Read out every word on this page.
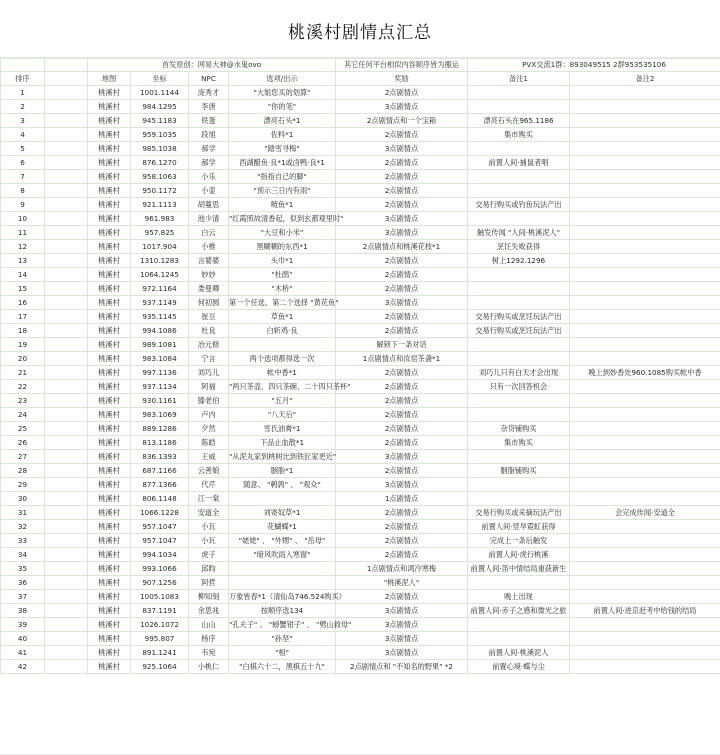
桃溪村剧情点汇总
		首发原创：网易大神@水鬼ovo				其它任何平台相似内容顺序皆为搬运	PVX交流1群：893049515 2群953535106	
排序		地图	坐标	NPC	选项/出示	奖励	备注1	备注2
1		桃溪村	1001.1144	庞秀才	"大姐您买的划算"	2点剧情点		
2		桃溪村	984.1295	李唐	"你的笔"	3点剧情点		
3		桃溪村	945.1183	铁蛋	漂亮石头*1	2点剧情点和一个宝箱	漂亮石头在965.1186	
4		桃溪村	959.1035	段旭	佐料*1	2点剧情点	集市购买	
5		桃溪村	985.1038	郝学	"踏雪寻梅"	3点剧情点		
6		桃溪村	876.1270	郝学	西湖醋鱼·良*1或卤鸭·良*1	2点剧情点	前置人间·捕鼠者唱	
7		桃溪村	958.1063	小乐	"指指自己的脚"	2点剧情点		
8		桃溪村	950.1172	小壶	"预示三日内有雨"	2点剧情点		
9		桃溪村	921.1113	胡蔓思	鲢鱼*1	2点剧情点	交易行购买或钓鱼玩法产出	
10		桃溪村	961.983	池少清	"红霞照故清香起，似到玄都观里时"	3点剧情点		
11		桃溪村	957.825	白云	"大豆和小米"	3点剧情点	触发传闻 "人间·桃溪泥人"	
12		桃溪村	1017.904	小椎	黑糊糊的东西*1	2点剧情点和桃溪花枝*1	烹饪失败获得	
13		桃溪村	1310.1283	言婆婆	头巾*1	2点剧情点	树上1292.1296	
14		桃溪村	1064.1245	妙妙	"杜鹃"	2点剧情点		
15		桃溪村	972.1164	娄曼卿	"木桥"	2点剧情点		
16		桃溪村	937.1149	何初圆	第一个任选，第二个选择 "黄花鱼"	3点剧情点		
17		桃溪村	935.1145	崔豆	草鱼*1	2点剧情点	交易行购买或烹饪玩法产出	
18		桃溪村	994.1086	杜良	白斩鸡·良	2点剧情点	交易行购买或烹饪玩法产出	
19		桃溪村	989.1081	冶元修		解锁下一条对话		
20		桃溪村	983.1084	宁言	两个选项都得选一次	1点剧情点和汝窑茶盏*1		
21		桃溪村	997.1136	刘巧儿	帐中香*1	2点剧情点	刘巧儿只有白天才会出现	晚上到妙香处960.1085购买帐中香
22		桃溪村	937.1134	阿福	"两只茶壶、四只茶碗、二十四只茶杯"	2点剧情点	只有一次回答机会	
23		桃溪村	930.1161	滕老伯	"五月"	2点剧情点		
24		桃溪村	983.1069	卢内	"八天后"	2点剧情点		
25		桃溪村	889.1286	夕然	雪氏油膏*1	2点剧情点	杂货铺购买	
26		桃溪村	813.1186	陈皓	下品止血散*1	2点剧情点	集市购买	
27		桃溪村	836.1393	王威	"从泥丸家到桃树比到铁匠家更近"	3点剧情点		
28		桃溪村	687.1166	云善娘	胭脂*1	2点剧情点	胭脂铺购买	
29		桃溪村	877.1366	代芹	随意、 "鹌鹑" 、 "观众"	3点剧情点		
30		桃溪村	806.1148	江一棠		1点剧情点		
31		桃溪村	1066.1228	安道全	刘寄奴草*1	2点剧情点	交易行购买或采摘玩法产出	会完成传闻·安道全
32		桃溪村	957.1047	小瓦	花蝴蝶*1	2点剧情点	前置人间·竖旱霓虹获得	
33		桃溪村	957.1047	小瓦	"姥姥" 、 "外甥" 、 "岳母"	2点剧情点	完成上一条后触发	
34		桃溪村	994.1034	虎子	"暗风吹雨入寒窗"	2点剧情点	前置人间·虎行桃溪	
35		桃溪村	993.1066	邱昀		1点剧情点和鸿冷寒梅	前置人间·笛中情结局重获新生	
36		桃溪村	907.1256	阿哲		"桃溪泥人"		
37		桃溪村	1005.1083	柳知刻	万象皆春*1（清仙岛746.524购买）	2点剧情点	晚上出现	
38		桃溪村	837.1191	余思兆	按顺序选134	3点剧情点	前置人间·赤子之感和微光之旅	前置人间·进京赶考中给钱的结局
39		桃溪村	1026.1072	山山	"孔夫子" 、 "螃蟹钳子" 、 "劈山救母"	3点剧情点		
40		桃溪村	995.807	杨序	"孙坚"	3点剧情点		
41		桃溪村	891.1241	韦宛	"相"	3点剧情点	前置人间·桃溪泥人	
42		桃溪村	925.1064	小桃仁	"白棋六十二，黑棋五十九"	2点剧情点和 "不知名的野果" *2	前置心境·蝶与尘	
